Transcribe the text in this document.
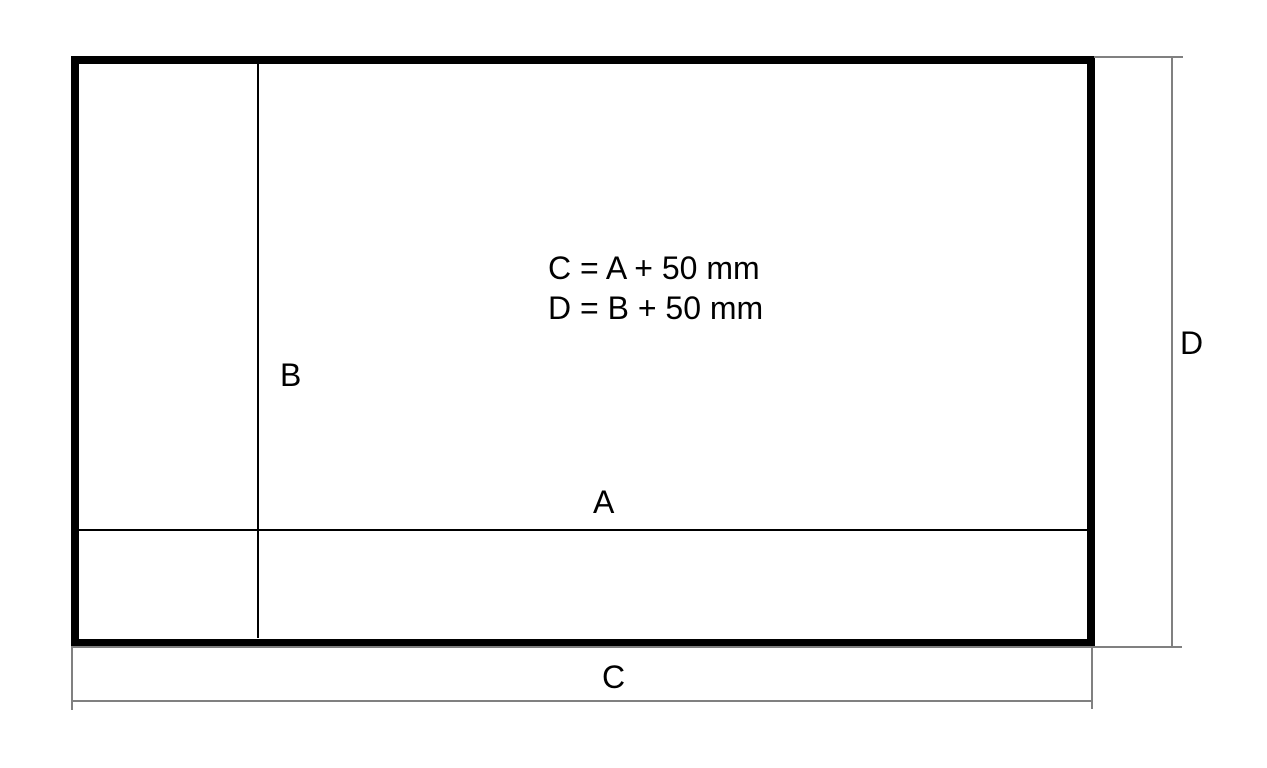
B
A
C
D
C = A + 50 mm
D = B + 50 mm
